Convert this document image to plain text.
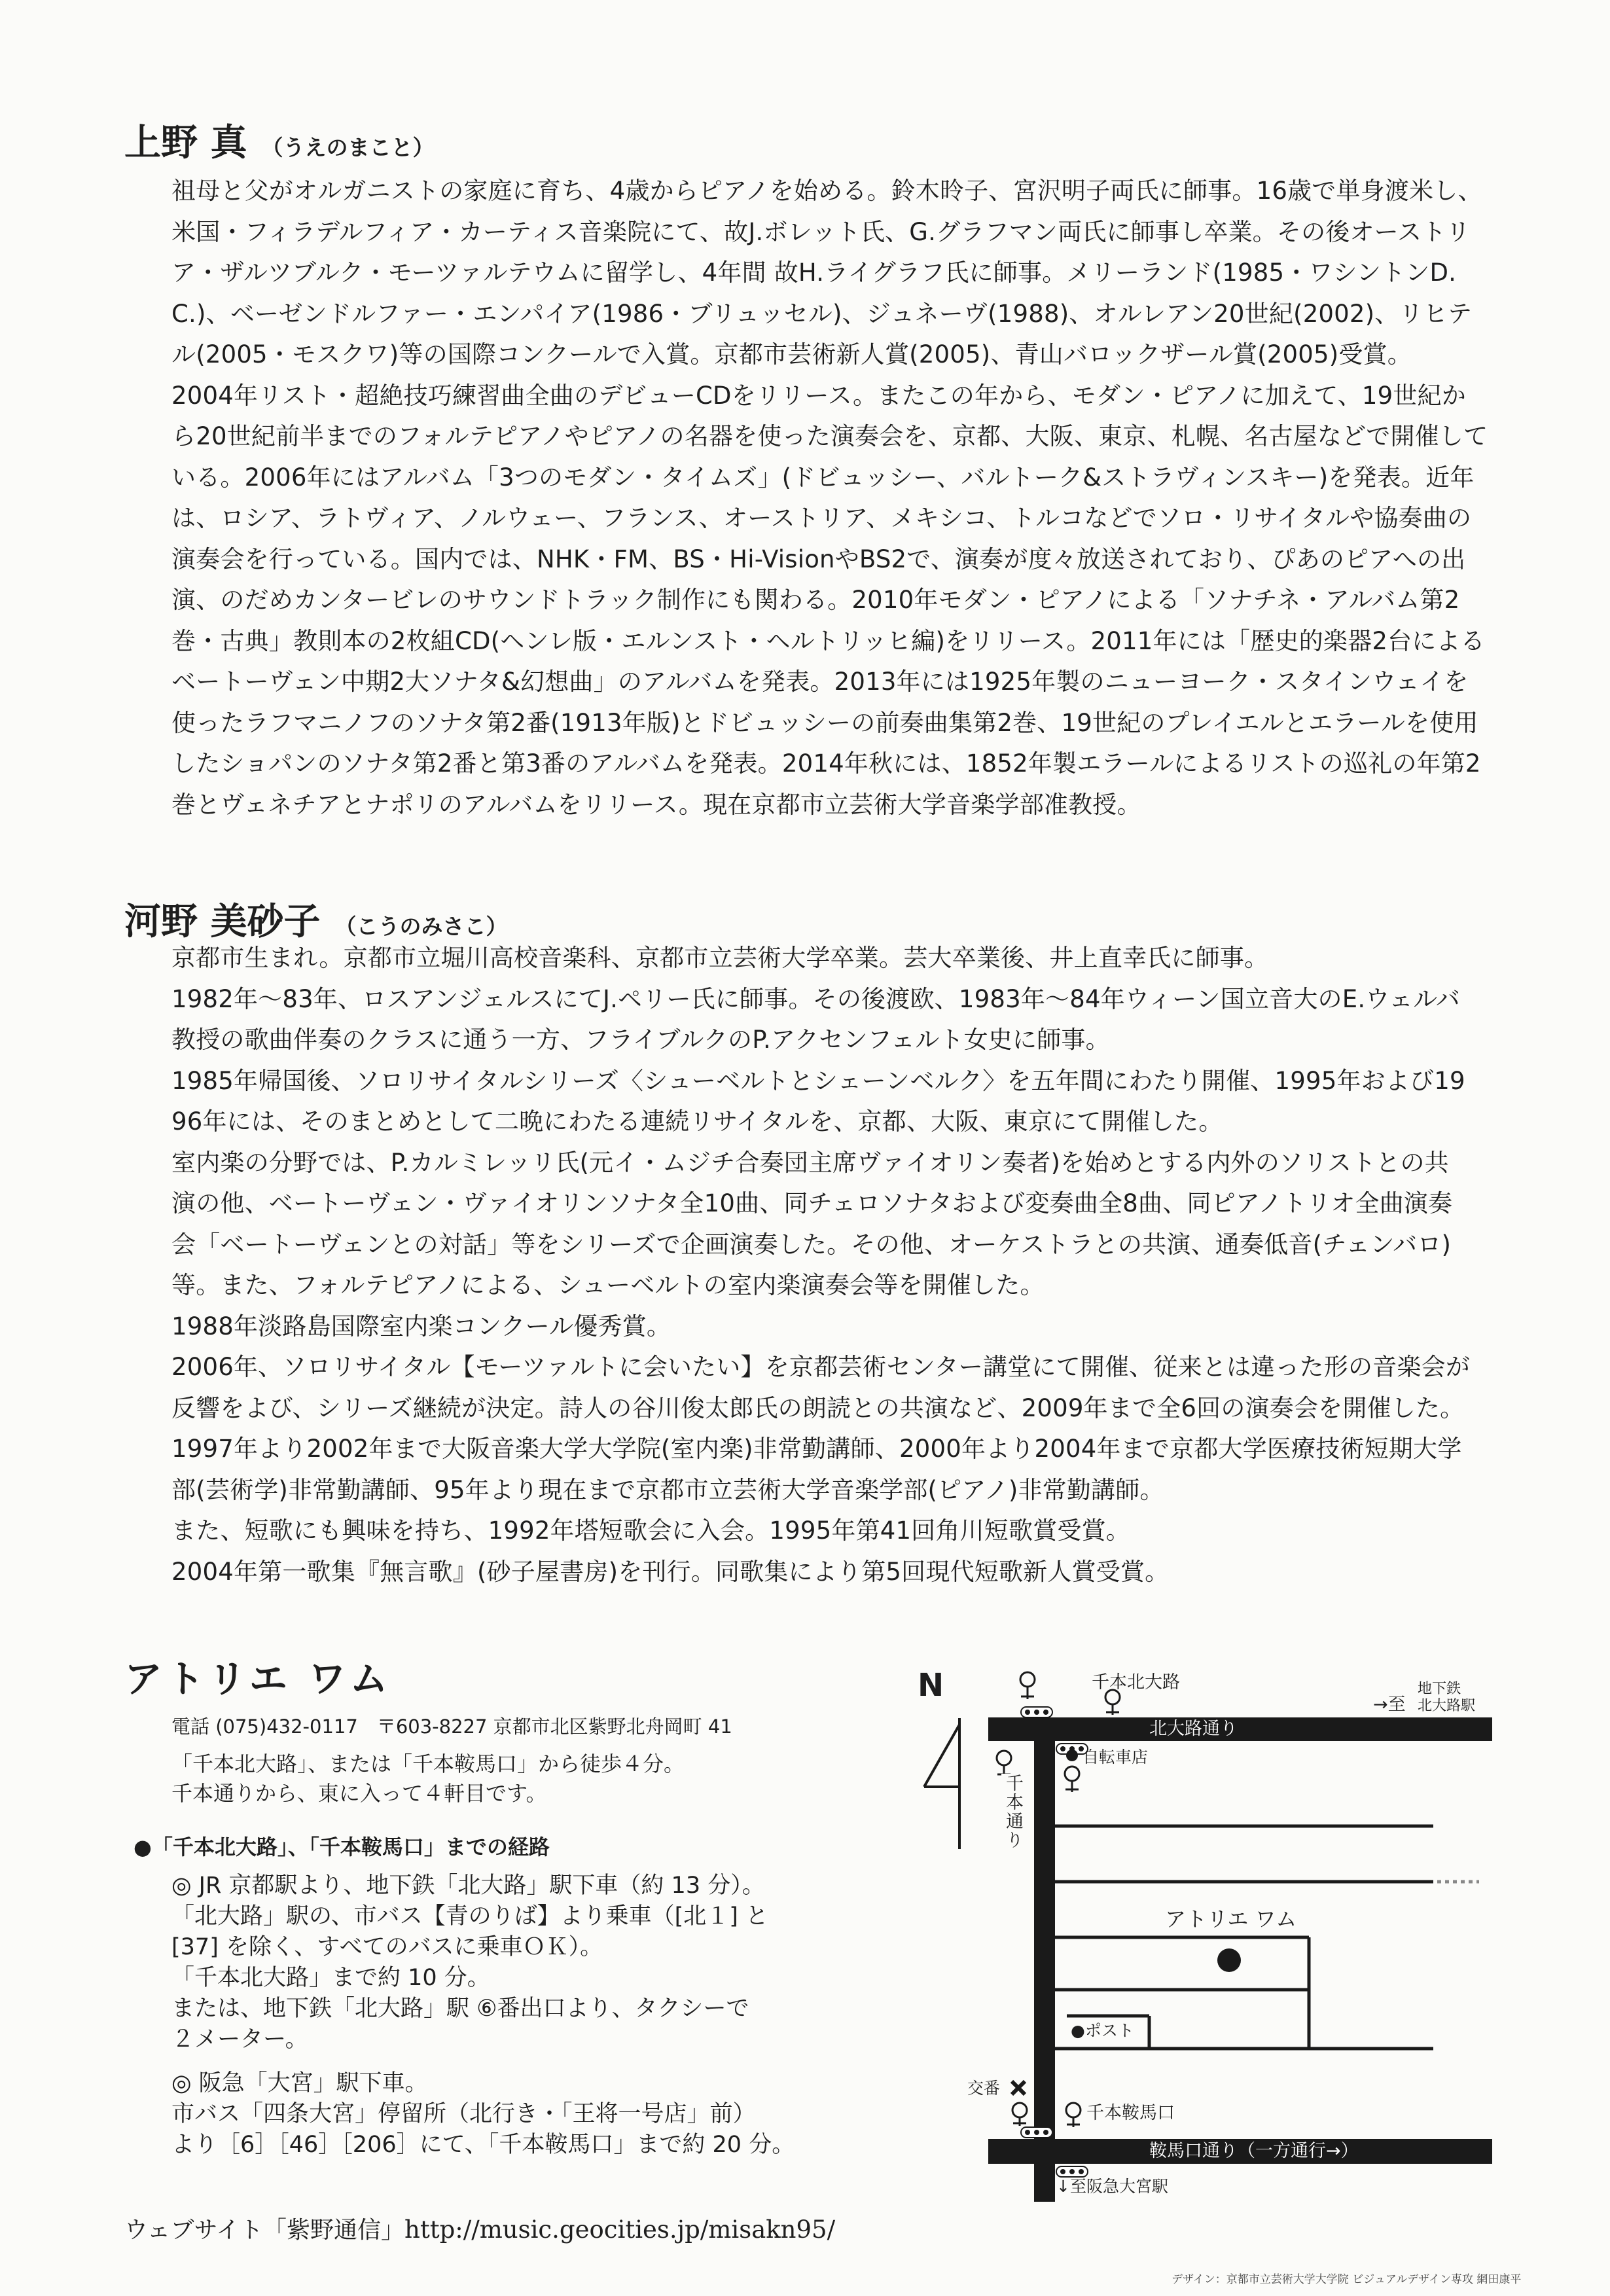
上野 真 （うえのまこと）

祖母と父がオルガニストの家庭に育ち、4歳からピアノを始める。鈴木昤子、宮沢明子両氏に師事。16歳で単身渡米し、米国・フィラデルフィア・カーティス音楽院にて、故J.ボレット氏、G.グラフマン両氏に師事し卒業。その後オーストリア・ザルツブルク・モーツァルテウムに留学し、4年間 故H.ライグラフ氏に師事。メリーランド(1985・ワシントンD.C.)、ベーゼンドルファー・エンパイア(1986・ブリュッセル)、ジュネーヴ(1988)、オルレアン20世紀(2002)、リヒテル(2005・モスクワ)等の国際コンクールで入賞。京都市芸術新人賞(2005)、青山バロックザール賞(2005)受賞。

2004年リスト・超絶技巧練習曲全曲のデビューCDをリリース。またこの年から、モダン・ピアノに加えて、19世紀から20世紀前半までのフォルテピアノやピアノの名器を使った演奏会を、京都、大阪、東京、札幌、名古屋などで開催している。2006年にはアルバム「3つのモダン・タイムズ」(ドビュッシー、バルトーク&ストラヴィンスキー)を発表。近年は、ロシア、ラトヴィア、ノルウェー、フランス、オーストリア、メキシコ、トルコなどでソロ・リサイタルや協奏曲の演奏会を行っている。国内では、NHK・FM、BS・Hi-VisionやBS2で、演奏が度々放送されており、ぴあのピアへの出演、のだめカンタービレのサウンドトラック制作にも関わる。2010年モダン・ピアノによる「ソナチネ・アルバム第2巻・古典」教則本の2枚組CD(ヘンレ版・エルンスト・ヘルトリッヒ編)をリリース。2011年には「歴史的楽器2台によるベートーヴェン中期2大ソナタ&幻想曲」のアルバムを発表。2013年には1925年製のニューヨーク・スタインウェイを使ったラフマニノフのソナタ第2番(1913年版)とドビュッシーの前奏曲集第2巻、19世紀のプレイエルとエラールを使用したショパンのソナタ第2番と第3番のアルバムを発表。2014年秋には、1852年製エラールによるリストの巡礼の年第2巻とヴェネチアとナポリのアルバムをリリース。現在京都市立芸術大学音楽学部准教授。

河野 美砂子 （こうのみさこ）

京都市生まれ。京都市立堀川高校音楽科、京都市立芸術大学卒業。芸大卒業後、井上直幸氏に師事。

1982年～83年、ロスアンジェルスにてJ.ペリー氏に師事。その後渡欧、1983年～84年ウィーン国立音大のE.ウェルバ教授の歌曲伴奏のクラスに通う一方、フライブルクのP.アクセンフェルト女史に師事。

1985年帰国後、ソロリサイタルシリーズ〈シューベルトとシェーンベルク〉を五年間にわたり開催、1995年および1996年には、そのまとめとして二晩にわたる連続リサイタルを、京都、大阪、東京にて開催した。

室内楽の分野では、P.カルミレッリ氏(元イ・ムジチ合奏団主席ヴァイオリン奏者)を始めとする内外のソリストとの共演の他、ベートーヴェン・ヴァイオリンソナタ全10曲、同チェロソナタおよび変奏曲全8曲、同ピアノトリオ全曲演奏会「ベートーヴェンとの対話」等をシリーズで企画演奏した。その他、オーケストラとの共演、通奏低音(チェンバロ)等。また、フォルテピアノによる、シューベルトの室内楽演奏会等を開催した。

1988年淡路島国際室内楽コンクール優秀賞。

2006年、ソロリサイタル【モーツァルトに会いたい】を京都芸術センター講堂にて開催、従来とは違った形の音楽会が反響をよび、シリーズ継続が決定。詩人の谷川俊太郎氏の朗読との共演など、2009年まで全6回の演奏会を開催した。

1997年より2002年まで大阪音楽大学大学院(室内楽)非常勤講師、2000年より2004年まで京都大学医療技術短期大学部(芸術学)非常勤講師、95年より現在まで京都市立芸術大学音楽学部(ピアノ)非常勤講師。

また、短歌にも興味を持ち、1992年塔短歌会に入会。1995年第41回角川短歌賞受賞。

2004年第一歌集『無言歌』(砂子屋書房)を刊行。同歌集により第5回現代短歌新人賞受賞。

アトリエ ワム
電話 (075)432-0117　〒603-8227 京都市北区紫野北舟岡町 41
「千本北大路」、または「千本鞍馬口」から徒歩４分。
千本通りから、東に入って４軒目です。
●「千本北大路」、「千本鞍馬口」までの経路
◎ JR 京都駅より、地下鉄「北大路」駅下車（約 13 分）。
「北大路」駅の、市バス【青のりば】より乗車（[北１] と
[37] を除く、すべてのバスに乗車ＯＫ）。
「千本北大路」まで約 10 分。
または、地下鉄「北大路」駅 ⑥番出口より、タクシーで
２メーター。
◎ 阪急「大宮」駅下車。
市バス「四条大宮」停留所（北行き・「王将一号店」前）
より［6］［46］［206］にて、「千本鞍馬口」まで約 20 分。
ウェブサイト「紫野通信」http://music.geocities.jp/misakn95/
N	千本北大路
→至
地下鉄
北大路駅
北大路通り
自転車店
千本通り
アトリエ ワム
●ポスト
交番
千本鞍馬口
鞍馬口通り（一方通行→）
↓至阪急大宮駅
デザイン：京都市立芸術大学大学院 ビジュアルデザイン専攻 網田康平
